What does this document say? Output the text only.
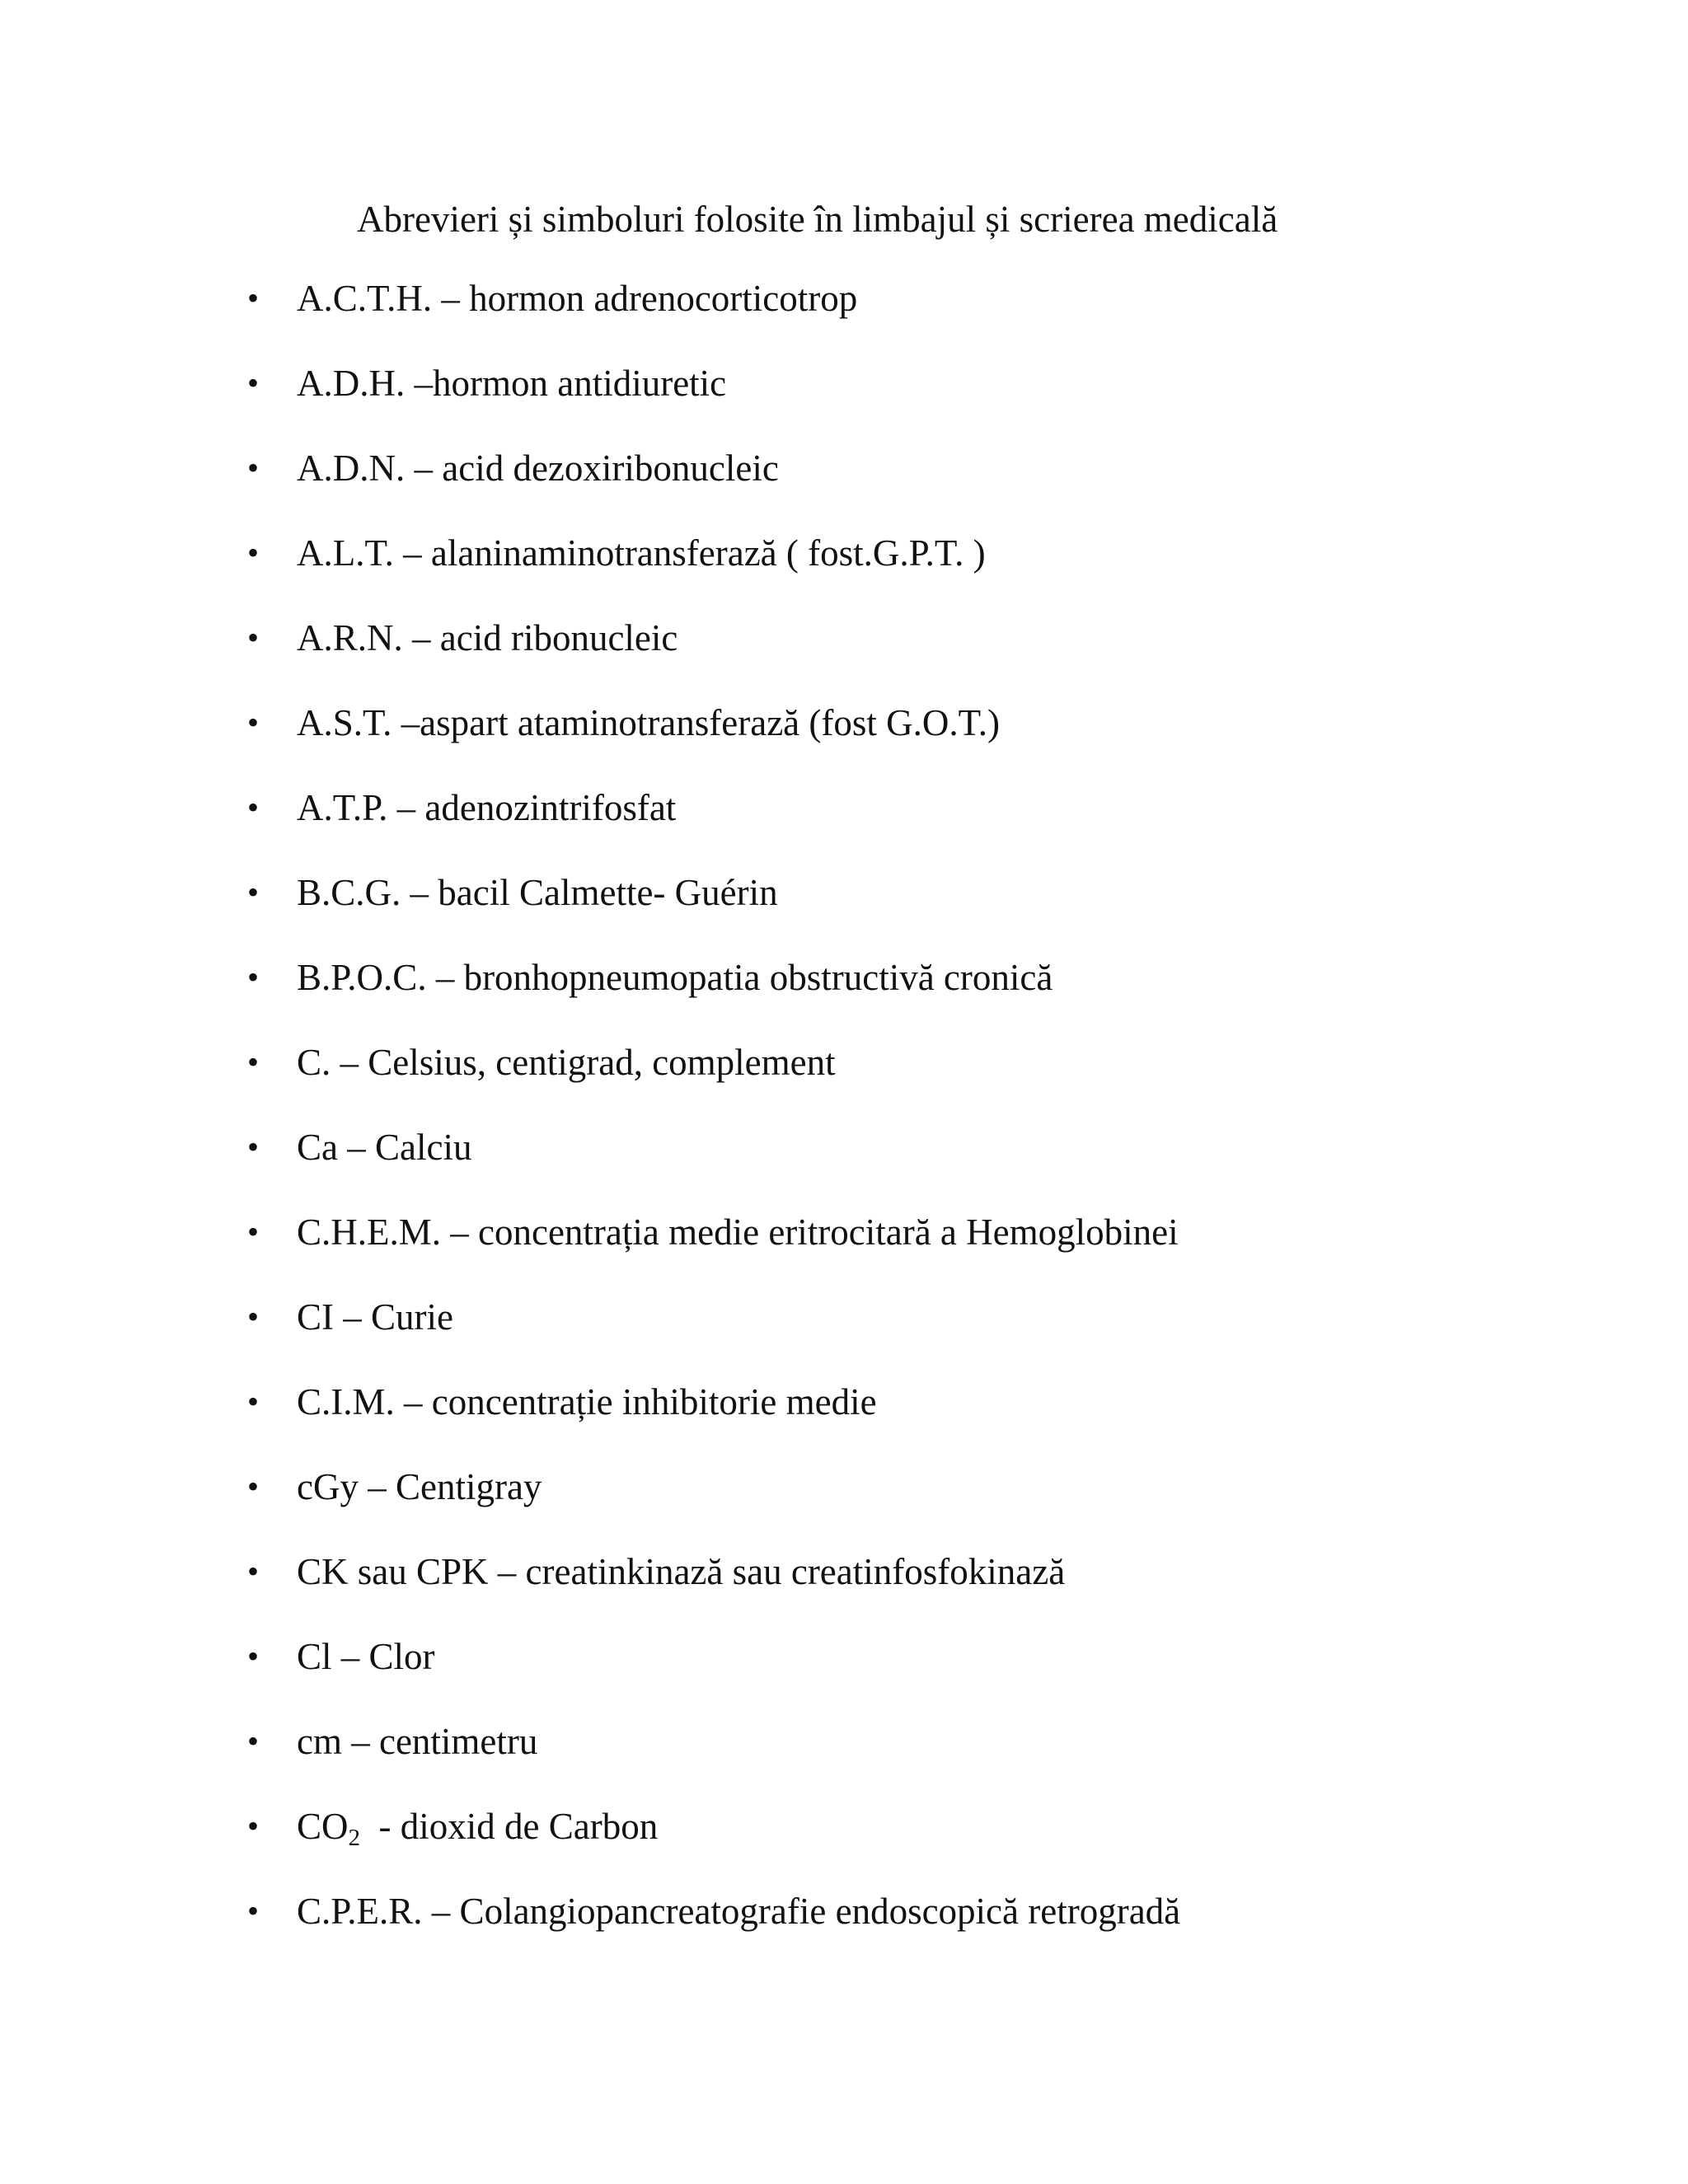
Abrevieri și simboluri folosite în limbajul și scrierea medicală
•	A.C.T.H. – hormon adrenocorticotrop
•	A.D.H. –hormon antidiuretic
•	A.D.N. – acid dezoxiribonucleic
•	A.L.T. – alaninaminotransferază ( fost.G.P.T. )
•	A.R.N. – acid ribonucleic
•	A.S.T. –aspart ataminotransferază (fost G.O.T.)
•	A.T.P. – adenozintrifosfat
•	B.C.G. – bacil Calmette- Guérin
•	B.P.O.C. – bronhopneumopatia obstructivă cronică
•	C. – Celsius, centigrad, complement
•	Ca – Calciu
•	C.H.E.M. – concentrația medie eritrocitară a Hemoglobinei
•	CI – Curie
•	C.I.M. – concentrație inhibitorie medie
•	cGy – Centigray
•	CK sau CPK – creatinkinază sau creatinfosfokinază
•	Cl – Clor
•	cm – centimetru
•	$CO_2$  - dioxid de Carbon
•	C.P.E.R. – Colangiopancreatografie endoscopică retrogradă
